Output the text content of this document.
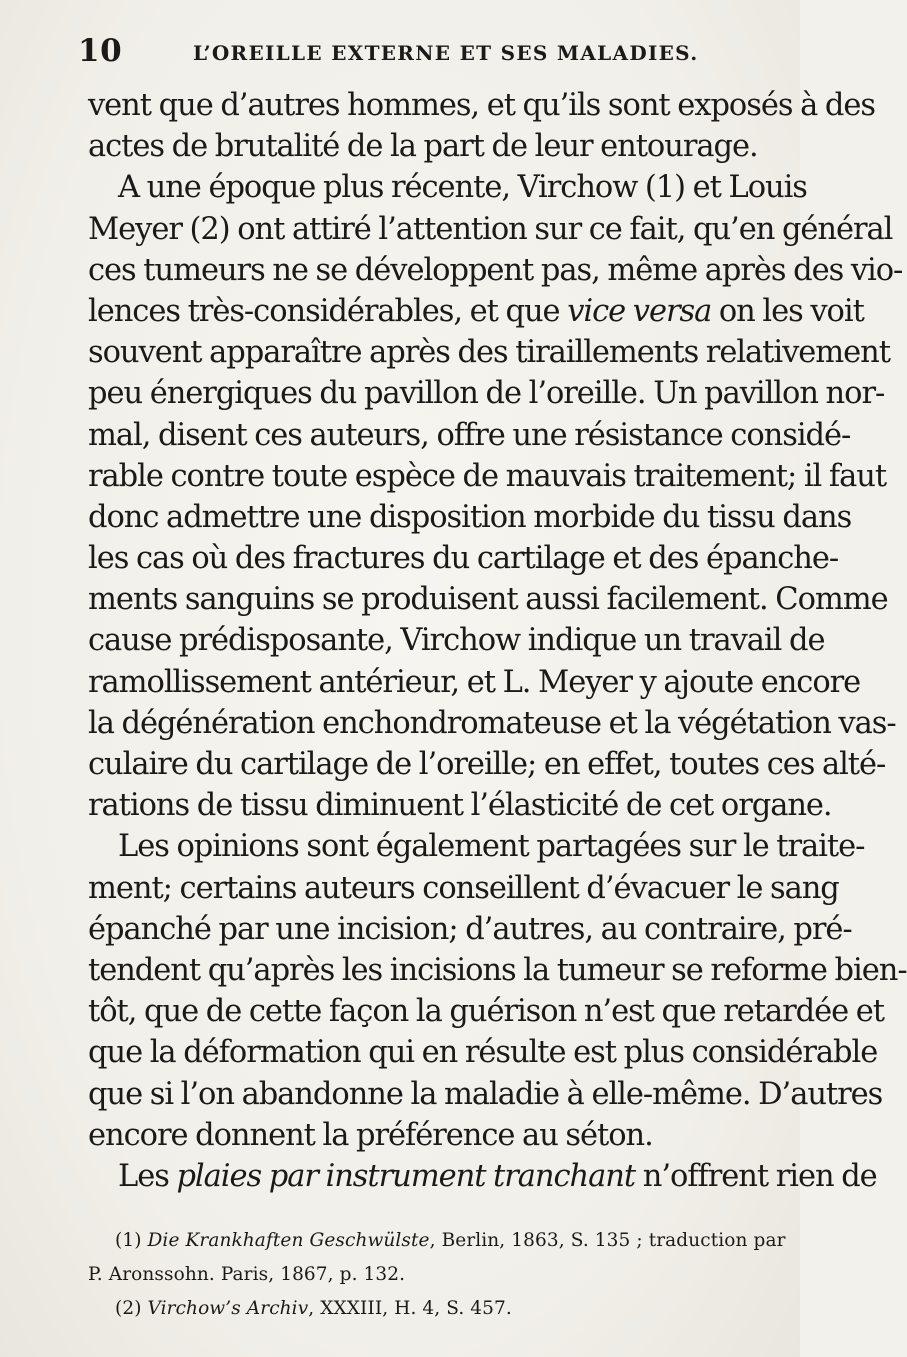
10	L’OREILLE EXTERNE ET SES MALADIES.
vent que d’autres hommes, et qu’ils sont exposés à des
actes de brutalité de la part de leur entourage.
A une époque plus récente, Virchow (1) et Louis
Meyer (2) ont attiré l’attention sur ce fait, qu’en général
ces tumeurs ne se développent pas, même après des vio-
lences très-considérables, et que vice versa on les voit
souvent apparaître après des tiraillements relativement
peu énergiques du pavillon de l’oreille. Un pavillon nor-
mal, disent ces auteurs, offre une résistance considé-
rable contre toute espèce de mauvais traitement; il faut
donc admettre une disposition morbide du tissu dans
les cas où des fractures du cartilage et des épanche-
ments sanguins se produisent aussi facilement. Comme
cause prédisposante, Virchow indique un travail de
ramollissement antérieur, et L. Meyer y ajoute encore
la dégénération enchondromateuse et la végétation vas-
culaire du cartilage de l’oreille; en effet, toutes ces alté-
rations de tissu diminuent l’élasticité de cet organe.
Les opinions sont également partagées sur le traite-
ment; certains auteurs conseillent d’évacuer le sang
épanché par une incision; d’autres, au contraire, pré-
tendent qu’après les incisions la tumeur se reforme bien-
tôt, que de cette façon la guérison n’est que retardée et
que la déformation qui en résulte est plus considérable
que si l’on abandonne la maladie à elle-même. D’autres
encore donnent la préférence au séton.
Les plaies par instrument tranchant n’offrent rien de
(1) Die Krankhaften Geschwülste, Berlin, 1863, S. 135 ; traduction par
P. Aronssohn. Paris, 1867, p. 132.
(2) Virchow’s Archiv, XXXIII, H. 4, S. 457.
